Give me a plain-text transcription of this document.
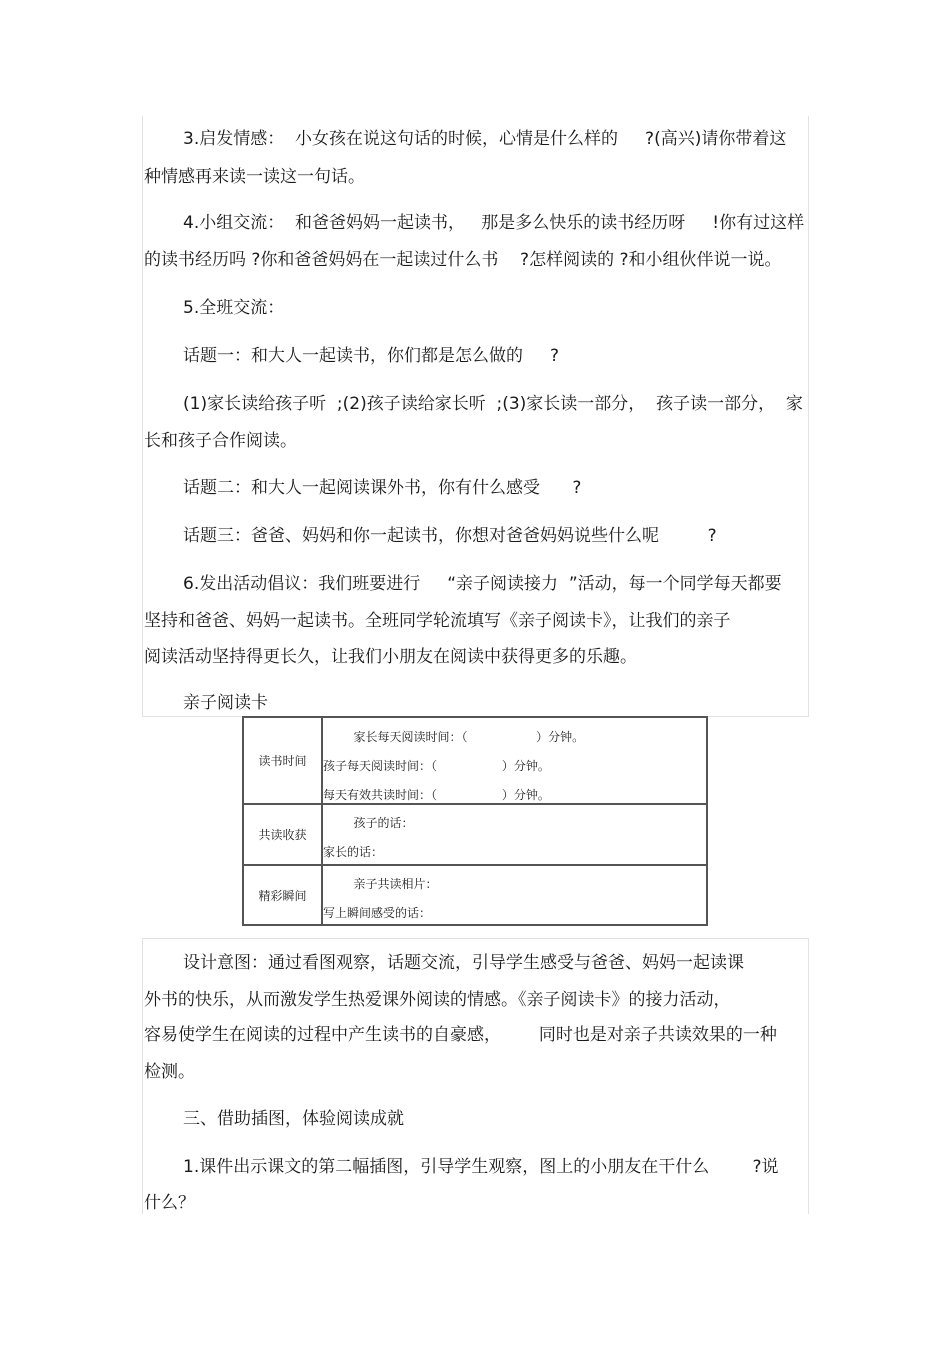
3.启发情感：  小女孩在说这句话的时候，心情是什么样的     ?(高兴)请你带着这

种情感再来读一读这一句话。

4.小组交流：  和爸爸妈妈一起读书，   那是多么快乐的读书经历呀     !你有过这样

的读书经历吗 ?你和爸爸妈妈在一起读过什么书    ?怎样阅读的 ?和小组伙伴说一说。

5.全班交流：

话题一：和大人一起读书，你们都是怎么做的     ?

(1)家长读给孩子听  ;(2)孩子读给家长听  ;(3)家长读一部分，  孩子读一部分，  家

长和孩子合作阅读。

话题二：和大人一起阅读课外书，你有什么感受      ?

话题三：爸爸、妈妈和你一起读书，你想对爸爸妈妈说些什么呢         ?

6.发出活动倡议：我们班要进行     “亲子阅读接力  ”活动，每一个同学每天都要

坚持和爸爸、妈妈一起读书。全班同学轮流填写《亲子阅读卡》，让我们的亲子

阅读活动坚持得更长久，让我们小朋友在阅读中获得更多的乐趣。

亲子阅读卡

读书时间	家长每天阅读时间：（                  ）分钟。
孩子每天阅读时间：（                 ）分钟。
每天有效共读时间：（                 ）分钟。

共读收获	孩子的话：
家长的话：

精彩瞬间	亲子共读相片：
写上瞬间感受的话：

设计意图：通过看图观察，话题交流，引导学生感受与爸爸、妈妈一起读课

外书的快乐，从而激发学生热爱课外阅读的情感。《亲子阅读卡》的接力活动，

容易使学生在阅读的过程中产生读书的自豪感，       同时也是对亲子共读效果的一种

检测。

三、借助插图，体验阅读成就

1.课件出示课文的第二幅插图，引导学生观察，图上的小朋友在干什么        ?说

什么？
